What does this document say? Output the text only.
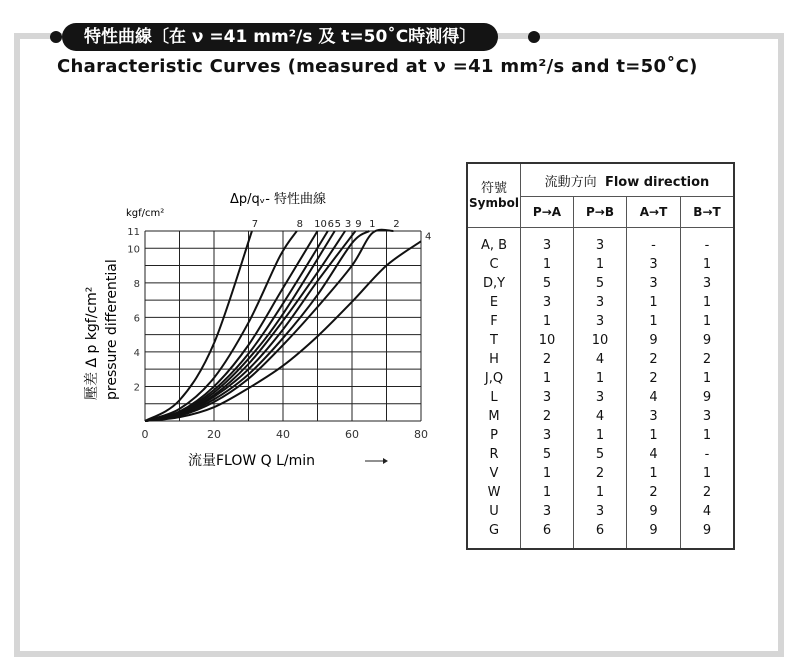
特性曲線〔在 ν =41 mm²/s 及 t=50˚C時測得〕
Characteristic Curves (measured at ν =41 mm²/s and t=50˚C)
Δp/qᵥ- 特性曲線
kgf/cm²
流量FLOW Q L/min
壓差 Δ p kgf/cm² pressure differential
0	20	40	60	80
2
4
6
8
10
11
7	8 10 6 5 3 9 1 2
4
符號
Symbol	流動方向 Flow direction			
	P→A	P→B	A→T	B→T
A, B	3	3	-	-
C	1	1	3	1
D,Y	5	5	3	3
E	3	3	1	1
F	1	3	1	1
T	10	10	9	9
H	2	4	2	2
J,Q	1	1	2	1
L	3	3	4	9
M	2	4	3	3
P	3	1	1	1
R	5	5	4	-
V	1	2	1	1
W	1	1	2	2
U	3	3	9	4
G	6	6	9	9
